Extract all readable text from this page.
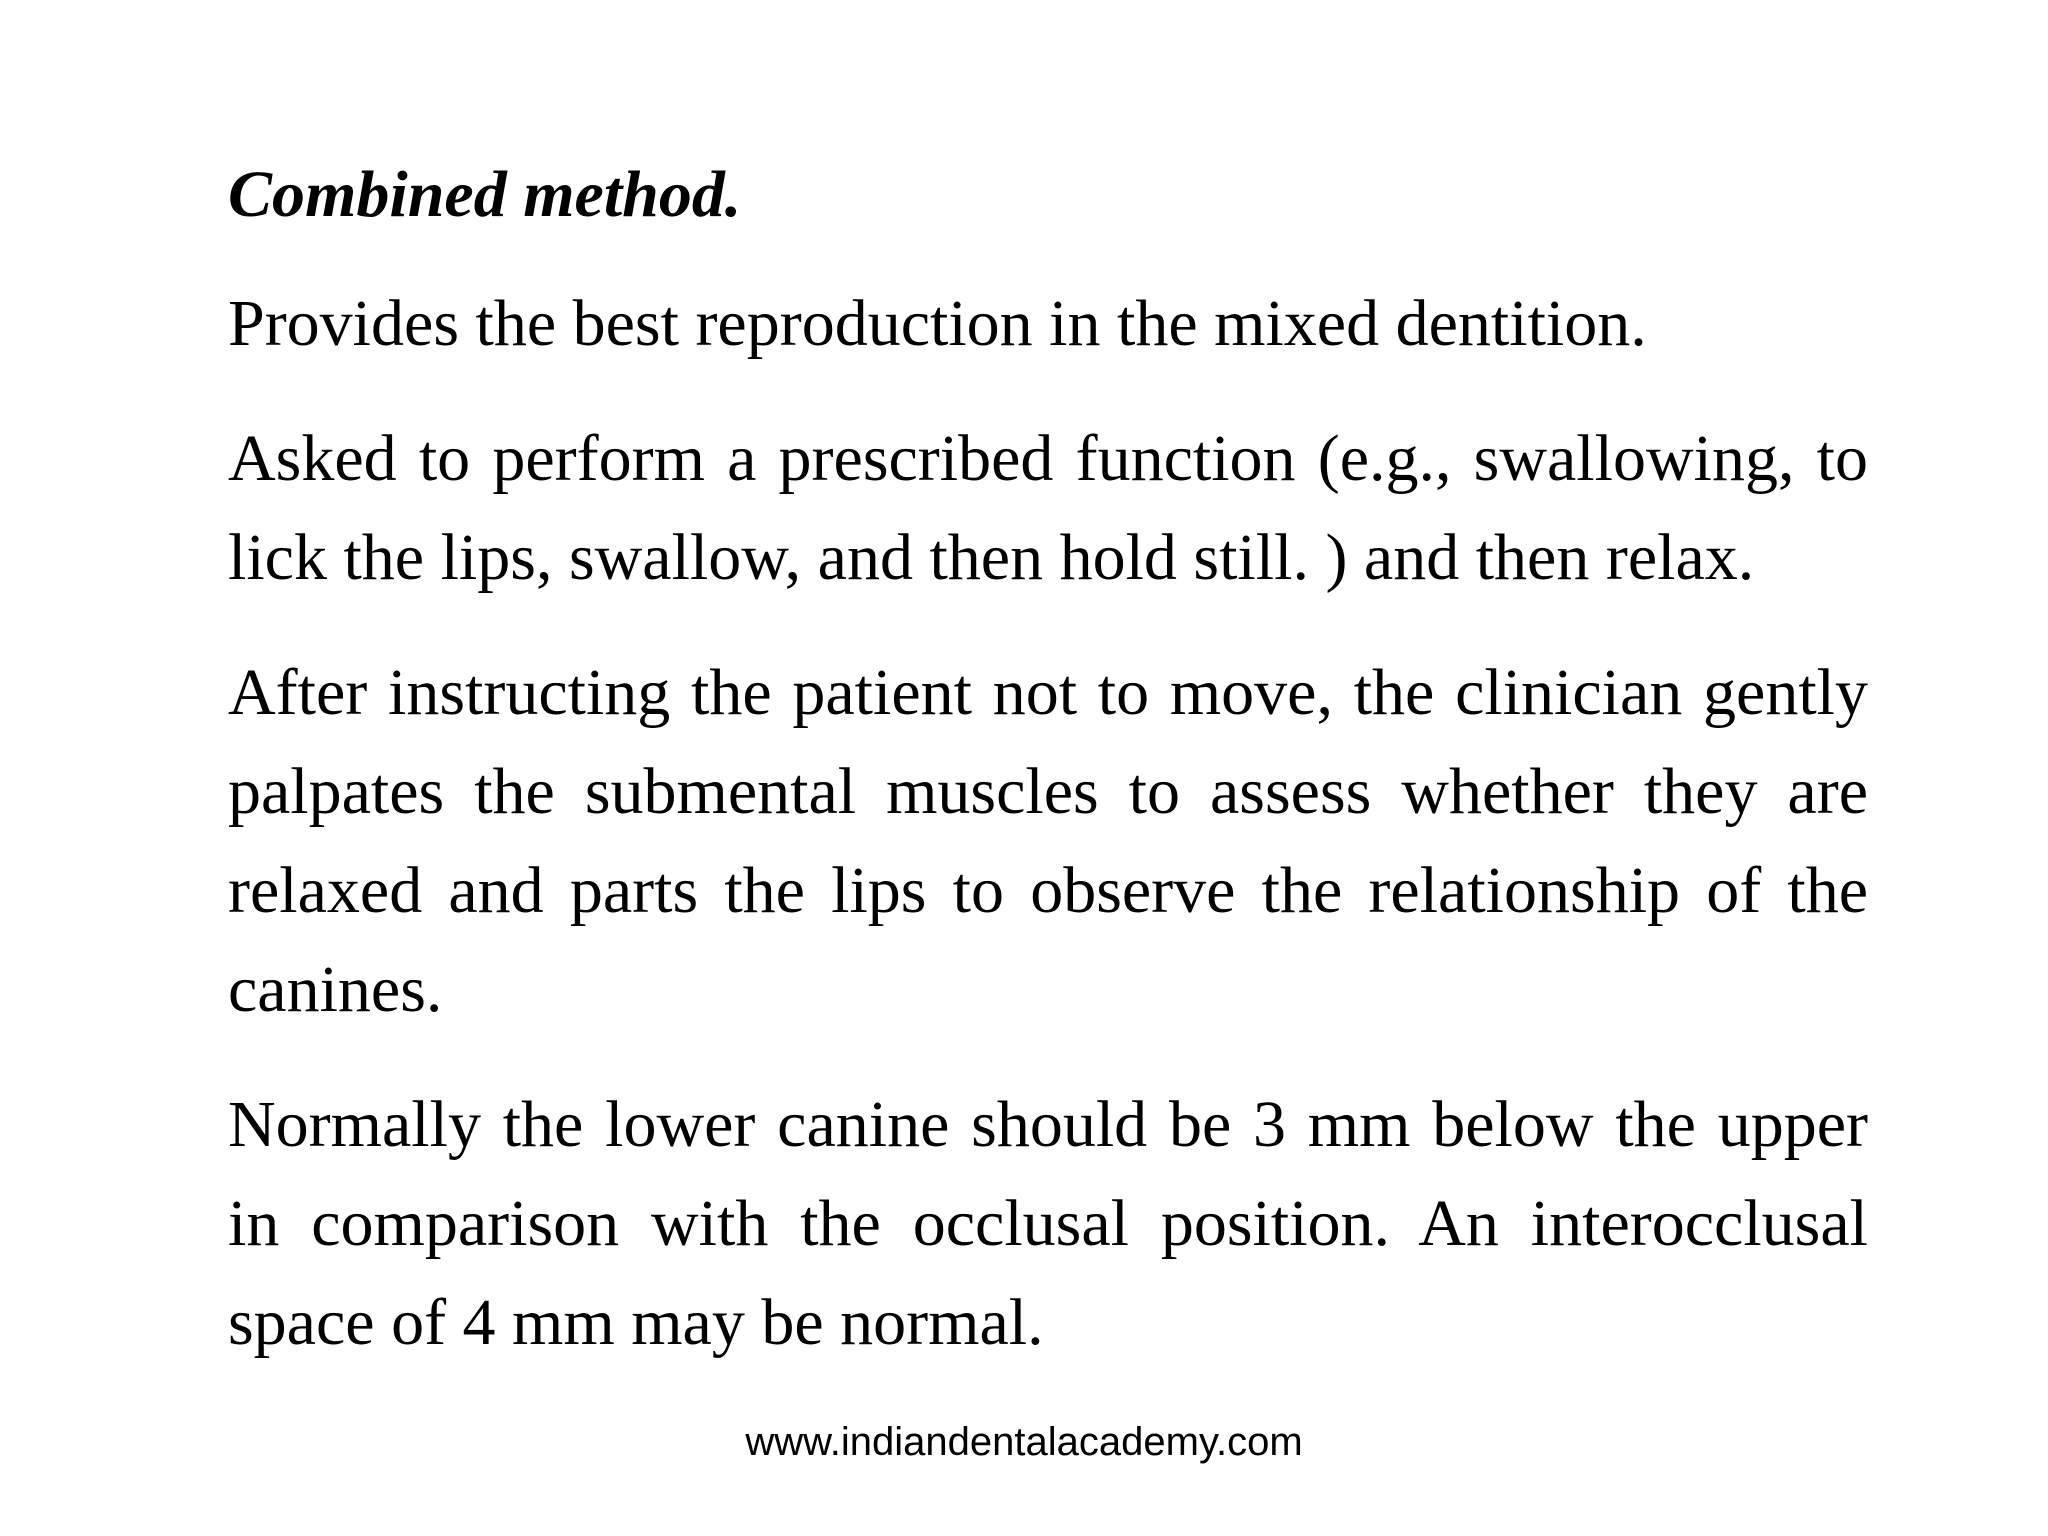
Combined method.

Provides the best reproduction in the mixed dentition.

Asked to perform a prescribed function (e.g., swallowing, to lick the lips, swallow, and then hold still. ) and then relax.

After instructing the patient not to move, the clinician gently palpates the submental muscles to assess whether they are relaxed and parts the lips to observe the relationship of the canines.

Normally the lower canine should be 3 mm below the upper in comparison with the occlusal position. An interocclusal space of 4 mm may be normal.

www.indiandentalacademy.com
